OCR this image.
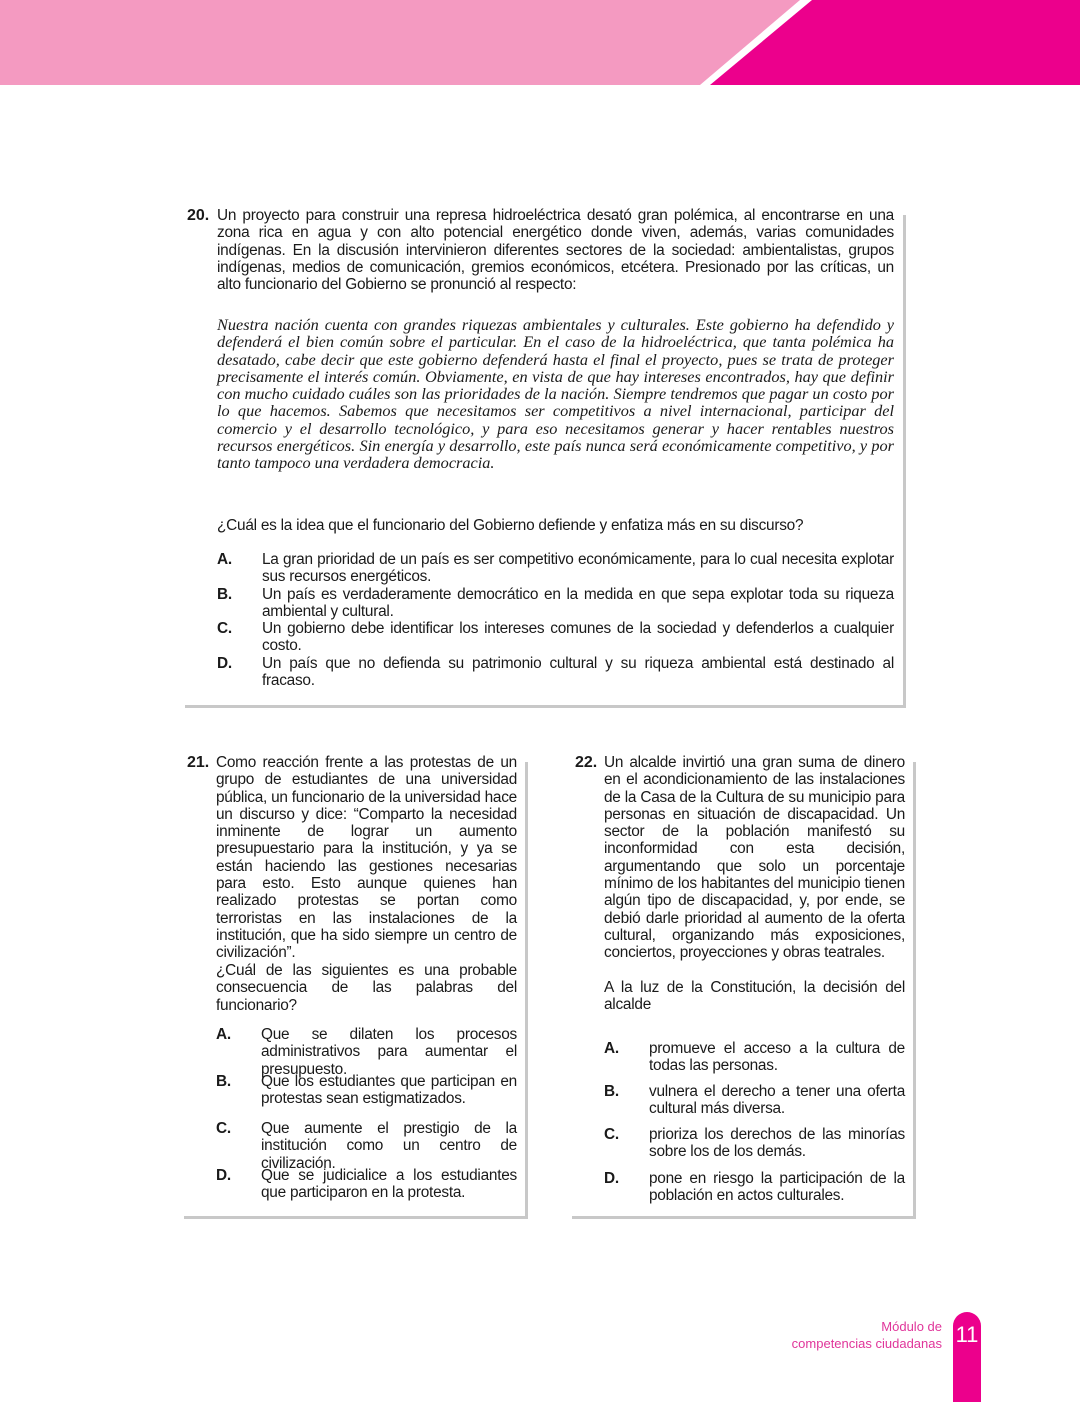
20. Un proyecto para construir una represa hidroeléctrica desató gran polémica, al encontrarse en una zona rica en agua y con alto potencial energético donde viven, además, varias comunidades indígenas. En la discusión intervinieron diferentes sectores de la sociedad: ambientalistas, grupos indígenas, medios de comunicación, gremios económicos, etcétera. Presionado por las críticas, un alto funcionario del Gobierno se pronunció al respecto:
Nuestra nación cuenta con grandes riquezas ambientales y culturales. Este gobierno ha defendido y defenderá el bien común sobre el particular. En el caso de la hidroeléctrica, que tanta polémica ha desatado, cabe decir que este gobierno defenderá hasta el final el proyecto, pues se trata de proteger precisamente el interés común. Obviamente, en vista de que hay intereses encontrados, hay que definir con mucho cuidado cuáles son las prioridades de la nación. Siempre tendremos que pagar un costo por lo que hacemos. Sabemos que necesitamos ser competitivos a nivel internacional, participar del comercio y el desarrollo tecnológico, y para eso necesitamos generar y hacer rentables nuestros recursos energéticos. Sin energía y desarrollo, este país nunca será económicamente competitivo, y por tanto tampoco una verdadera democracia.
¿Cuál es la idea que el funcionario del Gobierno defiende y enfatiza más en su discurso?
A. La gran prioridad de un país es ser competitivo económicamente, para lo cual necesita explotar sus recursos energéticos.
B. Un país es verdaderamente democrático en la medida en que sepa explotar toda su riqueza ambiental y cultural.
C. Un gobierno debe identificar los intereses comunes de la sociedad y defenderlos a cualquier costo.
D. Un país que no defienda su patrimonio cultural y su riqueza ambiental está destinado al fracaso.
21. Como reacción frente a las protestas de un grupo de estudiantes de una universidad pública, un funcionario de la universidad hace un discurso y dice: “Comparto la necesidad inminente de lograr un aumento presupuestario para la institución, y ya se están haciendo las gestiones necesarias para esto. Esto aunque quienes han realizado protestas se portan como terroristas en las instalaciones de la institución, que ha sido siempre un centro de civilización”.
¿Cuál de las siguientes es una probable consecuencia de las palabras del funcionario?
A. Que se dilaten los procesos administrativos para aumentar el presupuesto.
B. Que los estudiantes que participan en protestas sean estigmatizados.
C. Que aumente el prestigio de la institución como un centro de civilización.
D. Que se judicialice a los estudiantes que participaron en la protesta.
22. Un alcalde invirtió una gran suma de dinero en el acondicionamiento de las instalaciones de la Casa de la Cultura de su municipio para personas en situación de discapacidad. Un sector de la población manifestó su inconformidad con esta decisión, argumentando que solo un porcentaje mínimo de los habitantes del municipio tienen algún tipo de discapacidad, y, por ende, se debió darle prioridad al aumento de la oferta cultural, organizando más exposiciones, conciertos, proyecciones y obras teatrales.
A la luz de la Constitución, la decisión del alcalde
A. promueve el acceso a la cultura de todas las personas.
B. vulnera el derecho a tener una oferta cultural más diversa.
C. prioriza los derechos de las minorías sobre los de los demás.
D. pone en riesgo la participación de la población en actos culturales.
Módulo de
competencias ciudadanas 11
